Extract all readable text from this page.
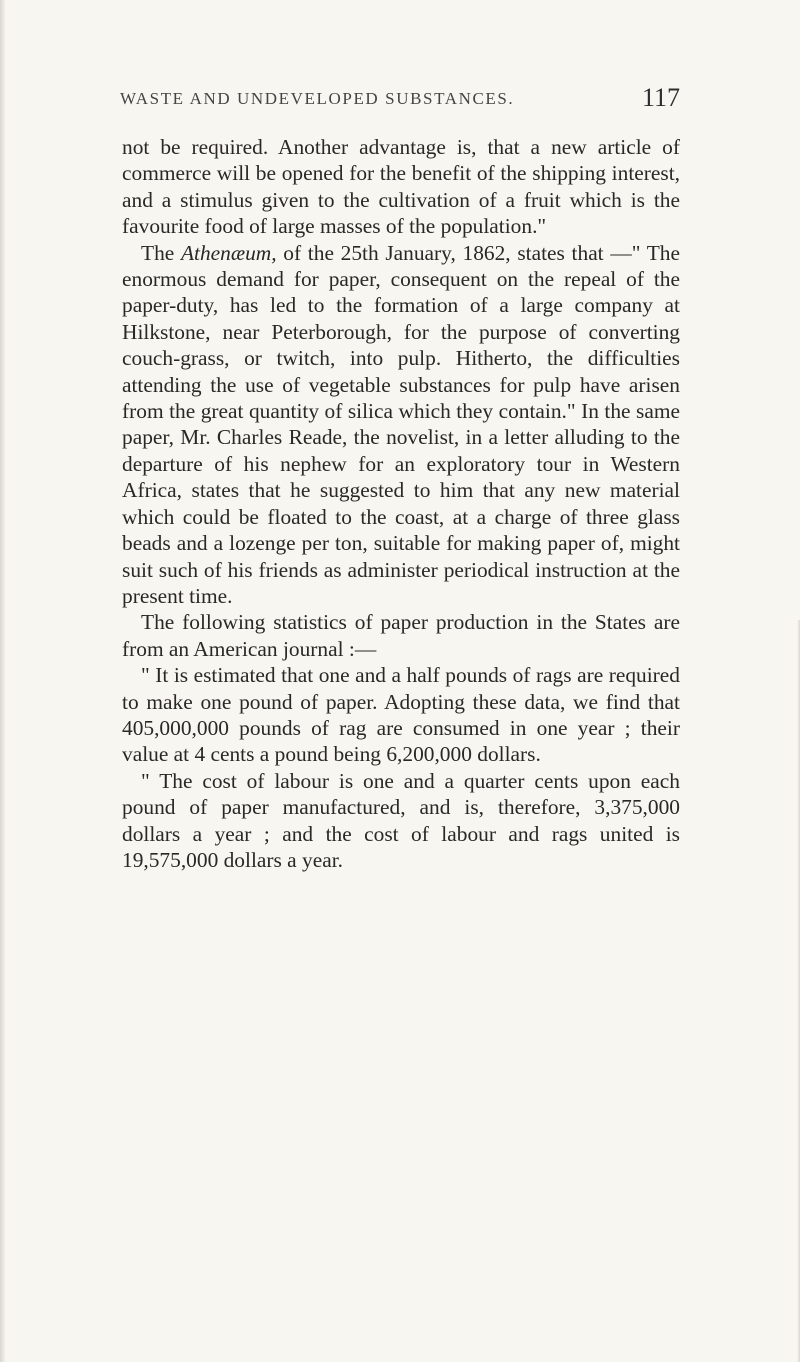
WASTE AND UNDEVELOPED SUBSTANCES.	117

not be required. Another advantage is, that a new article of commerce will be opened for the benefit of the shipping interest, and a stimulus given to the cultivation of a fruit which is the favourite food of large masses of the population."

The Athenæum, of the 25th January, 1862, states that —" The enormous demand for paper, consequent on the repeal of the paper-duty, has led to the formation of a large company at Hilkstone, near Peterborough, for the purpose of converting couch-grass, or twitch, into pulp. Hitherto, the difficulties attending the use of vegetable substances for pulp have arisen from the great quantity of silica which they contain." In the same paper, Mr. Charles Reade, the novelist, in a letter alluding to the departure of his nephew for an exploratory tour in Western Africa, states that he suggested to him that any new material which could be floated to the coast, at a charge of three glass beads and a lozenge per ton, suitable for making paper of, might suit such of his friends as administer periodical instruction at the present time.

The following statistics of paper production in the States are from an American journal :—

" It is estimated that one and a half pounds of rags are required to make one pound of paper. Adopting these data, we find that 405,000,000 pounds of rag are consumed in one year ; their value at 4 cents a pound being 6,200,000 dollars.

" The cost of labour is one and a quarter cents upon each pound of paper manufactured, and is, therefore, 3,375,000 dollars a year ; and the cost of labour and rags united is 19,575,000 dollars a year.
